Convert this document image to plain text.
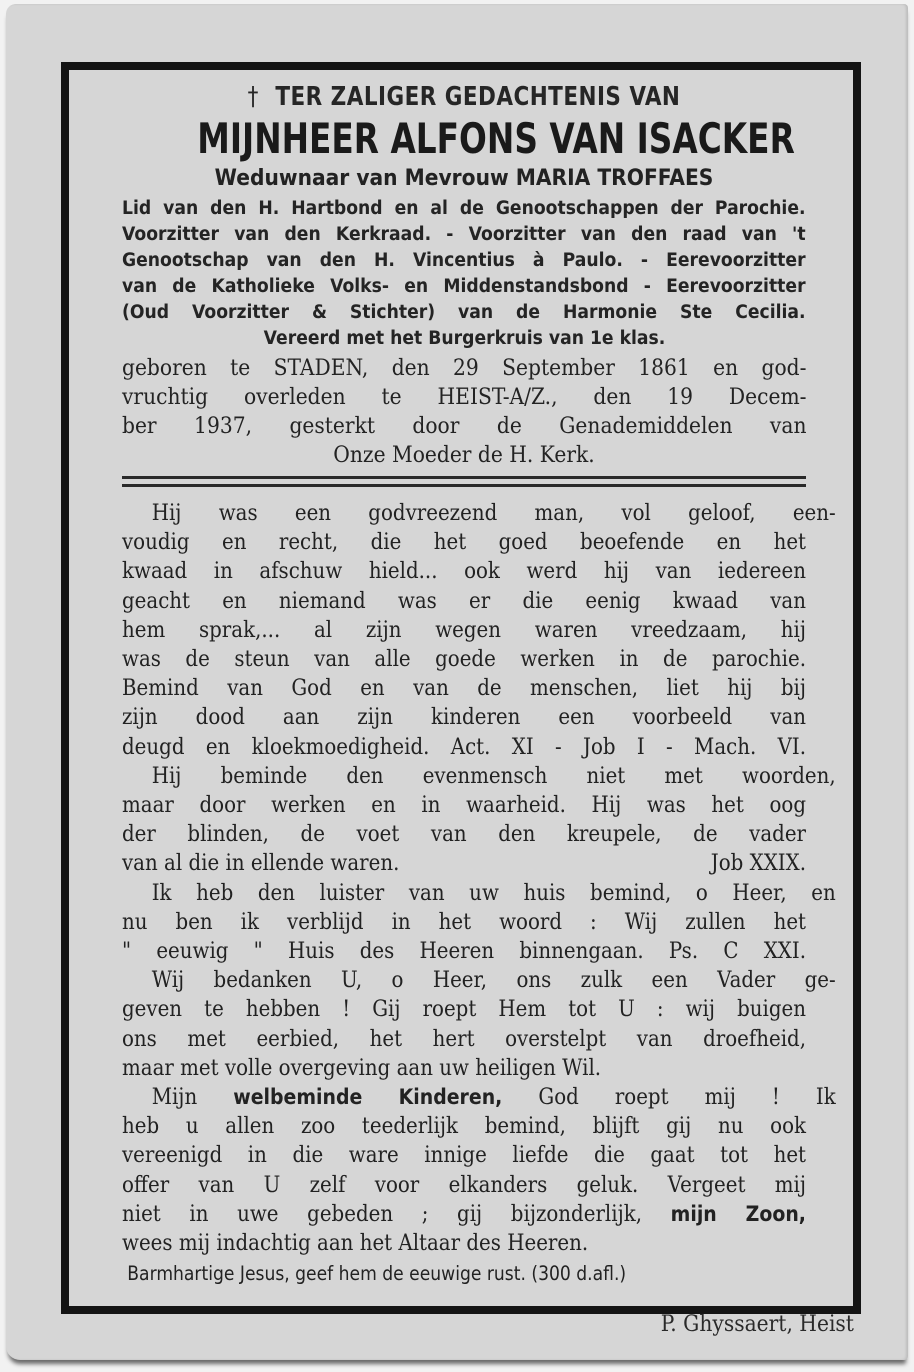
† TER ZALIGER GEDACHTENIS VAN
MIJNHEER ALFONS VAN ISACKER
Weduwnaar van Mevrouw MARIA TROFFAES
Lid van den H. Hartbond en al de Genootschappen der Parochie.
Voorzitter van den Kerkraad. - Voorzitter van den raad van 't
Genootschap van den H. Vincentius à Paulo. - Eerevoorzitter
van de Katholieke Volks- en Middenstandsbond - Eerevoorzitter
(Oud Voorzitter & Stichter) van de Harmonie Ste Cecilia.
Vereerd met het Burgerkruis van 1e klas.
geboren te STADEN, den 29 September 1861 en god-
vruchtig overleden te HEIST-A/Z., den 19 Decem-
ber 1937, gesterkt door de Genademiddelen van
Onze Moeder de H. Kerk.
Hij was een godvreezend man, vol geloof, een-
voudig en recht, die het goed beoefende en het
kwaad in afschuw hield... ook werd hij van iedereen
geacht en niemand was er die eenig kwaad van
hem sprak,... al zijn wegen waren vreedzaam, hij
was de steun van alle goede werken in de parochie.
Bemind van God en van de menschen, liet hij bij
zijn dood aan zijn kinderen een voorbeeld van
deugd en kloekmoedigheid. Act. XI - Job I - Mach. VI.
Hij beminde den evenmensch niet met woorden,
maar door werken en in waarheid. Hij was het oog
der blinden, de voet van den kreupele, de vader
van al die in ellende waren.	Job XXIX.
Ik heb den luister van uw huis bemind, o Heer, en
nu ben ik verblijd in het woord : Wij zullen het
" eeuwig " Huis des Heeren binnengaan. Ps. C XXI.
Wij bedanken U, o Heer, ons zulk een Vader ge-
geven te hebben ! Gij roept Hem tot U : wij buigen
ons met eerbied, het hert overstelpt van droefheid,
maar met volle overgeving aan uw heiligen Wil.
Mijn welbeminde Kinderen, God roept mij ! Ik
heb u allen zoo teederlijk bemind, blijft gij nu ook
vereenigd in die ware innige liefde die gaat tot het
offer van U zelf voor elkanders geluk. Vergeet mij
niet in uwe gebeden ; gij bijzonderlijk, mijn Zoon,
wees mij indachtig aan het Altaar des Heeren.
Barmhartige Jesus, geef hem de eeuwige rust. (300 d.afl.)
P. Ghyssaert, Heist
